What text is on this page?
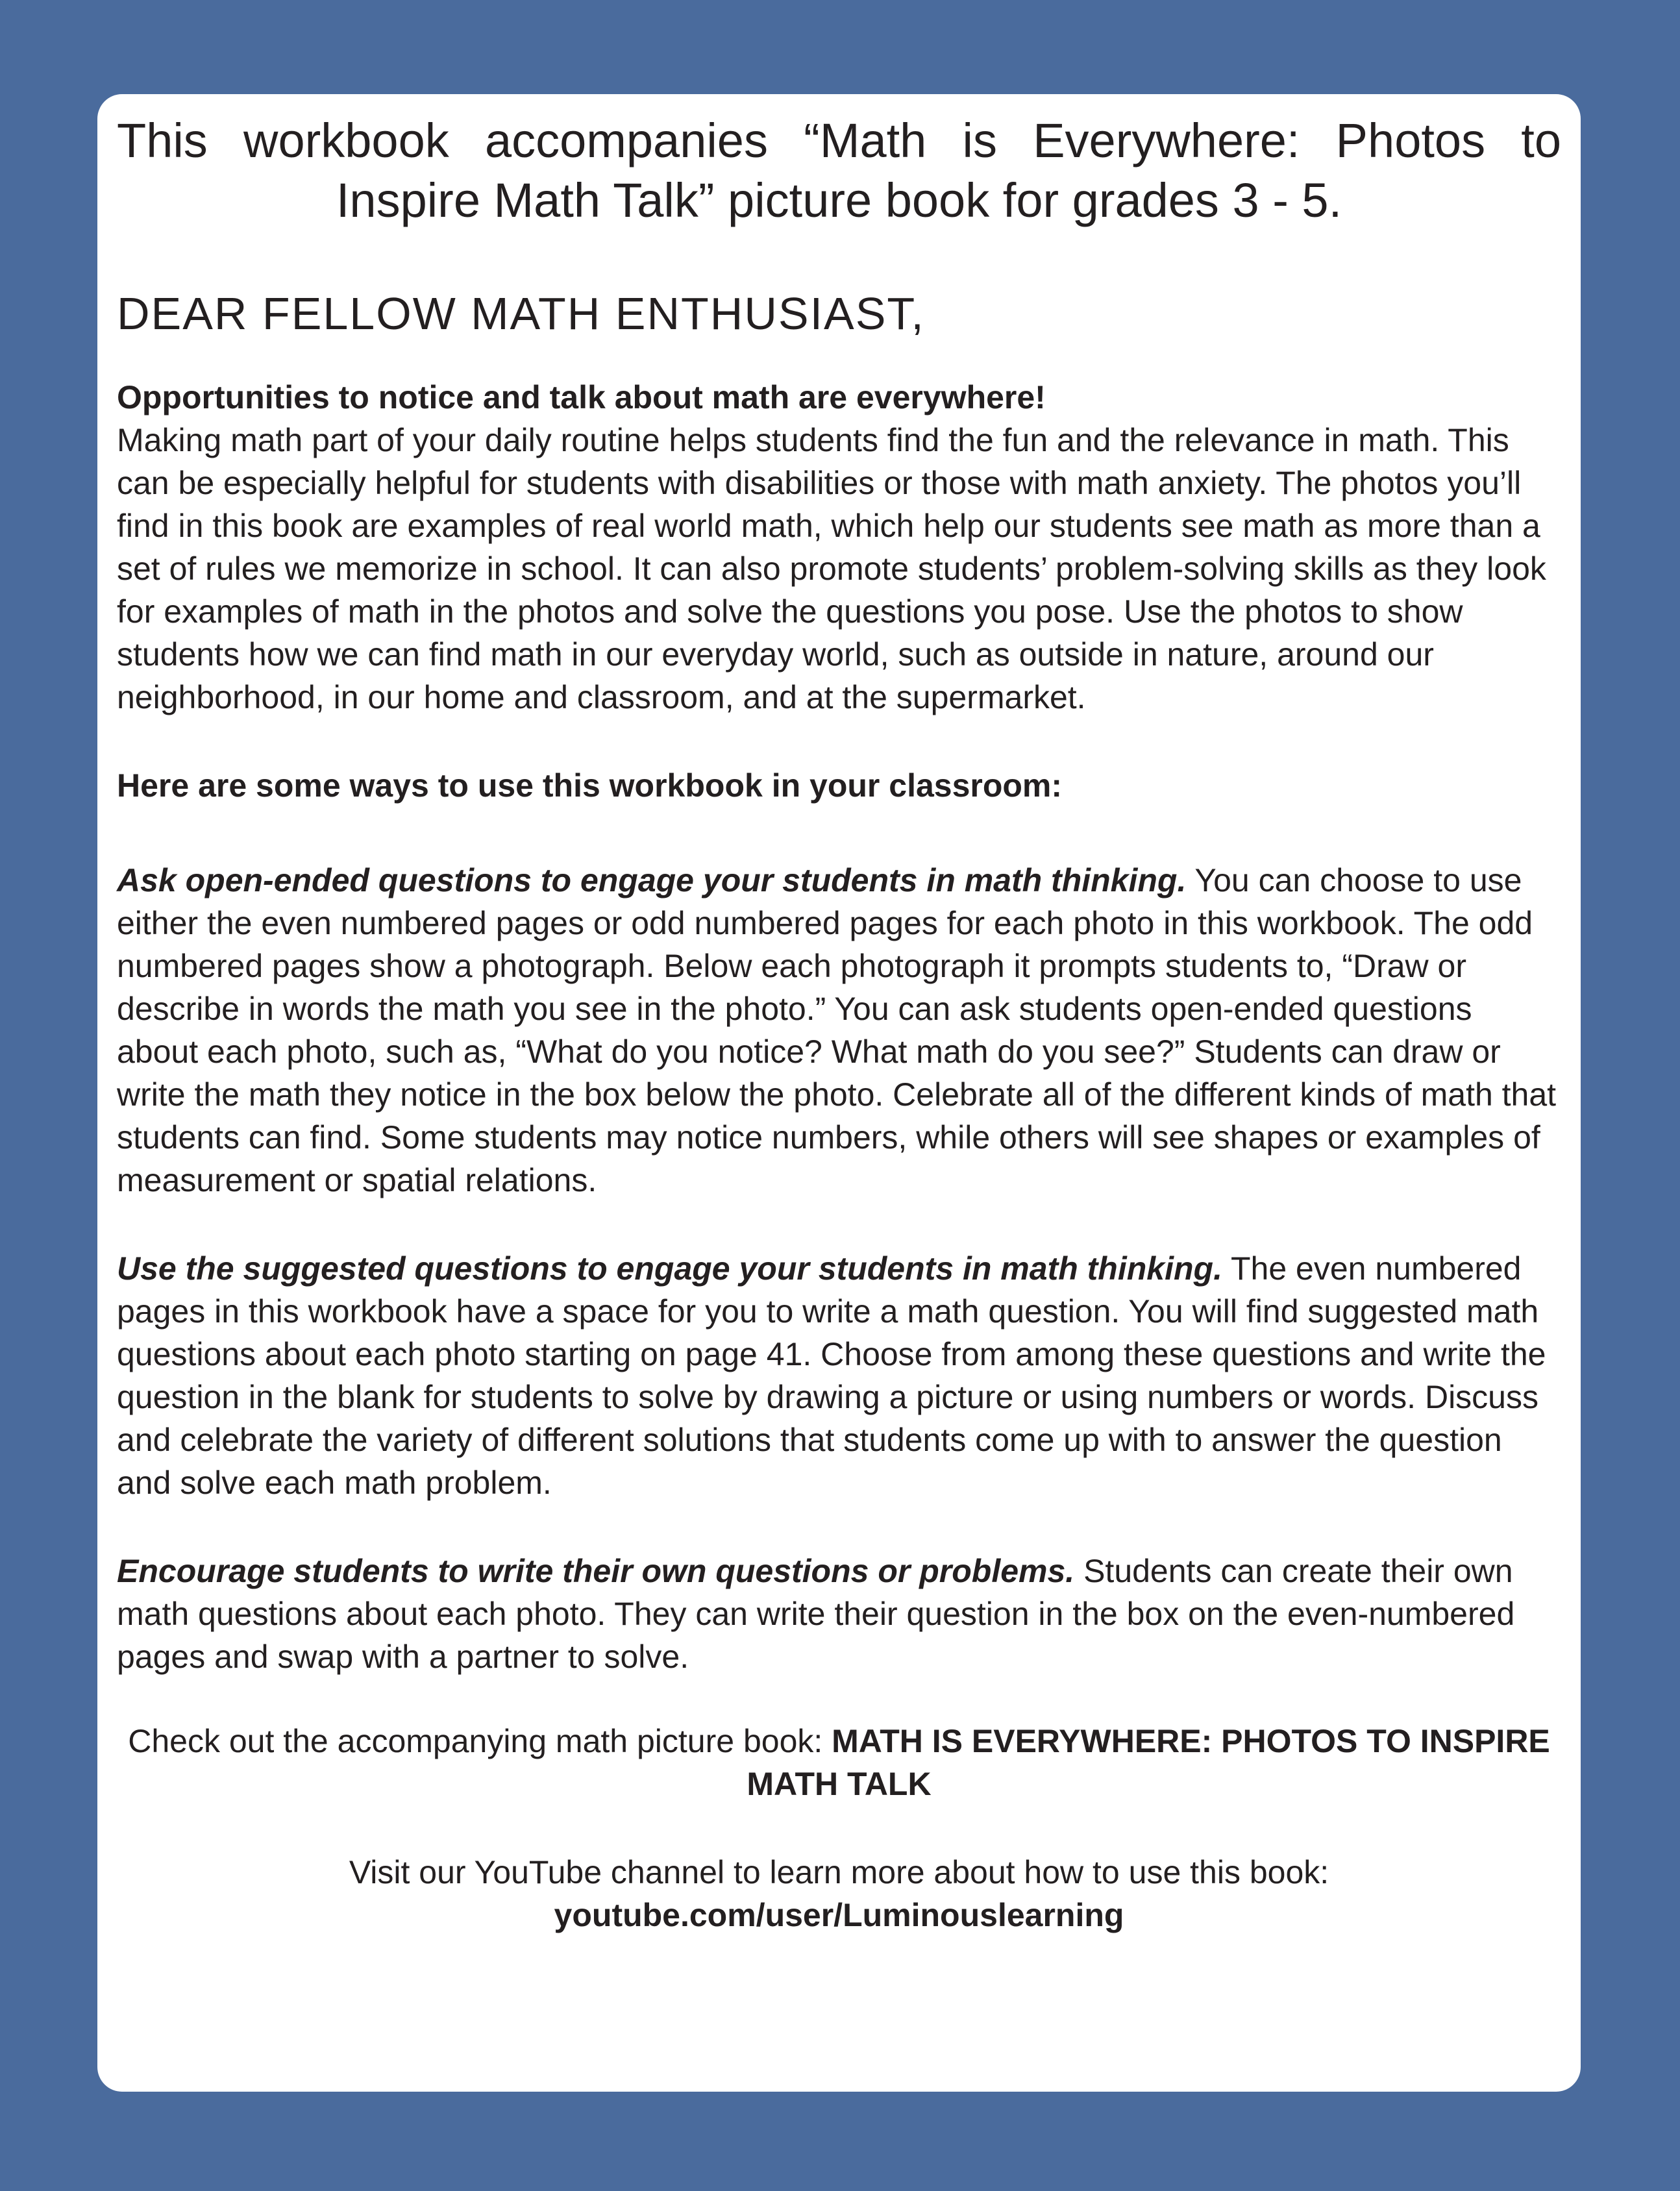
This workbook accompanies “Math is Everywhere: Photos to Inspire Math Talk” picture book for grades 3 - 5.

DEAR FELLOW MATH ENTHUSIAST,

Opportunities to notice and talk about math are everywhere!

Making math part of your daily routine helps students find the fun and the relevance in math. This can be especially helpful for students with disabilities or those with math anxiety. The photos you’ll find in this book are examples of real world math, which help our students see math as more than a set of rules we memorize in school. It can also promote students’ problem-solving skills as they look for examples of math in the photos and solve the questions you pose. Use the photos to show students how we can find math in our everyday world, such as outside in nature, around our neighborhood, in our home and classroom, and at the supermarket.

Here are some ways to use this workbook in your classroom:

Ask open-ended questions to engage your students in math thinking. You can choose to use either the even numbered pages or odd numbered pages for each photo in this workbook. The odd numbered pages show a photograph. Below each photograph it prompts students to, “Draw or describe in words the math you see in the photo.” You can ask students open-ended questions about each photo, such as, “What do you notice? What math do you see?” Students can draw or write the math they notice in the box below the photo. Celebrate all of the different kinds of math that students can find. Some students may notice numbers, while others will see shapes or examples of measurement or spatial relations.

Use the suggested questions to engage your students in math thinking. The even numbered pages in this workbook have a space for you to write a math question. You will find suggested math questions about each photo starting on page 41. Choose from among these questions and write the question in the blank for students to solve by drawing a picture or using numbers or words. Discuss and celebrate the variety of different solutions that students come up with to answer the question and solve each math problem.

Encourage students to write their own questions or problems. Students can create their own math questions about each photo. They can write their question in the box on the even-numbered pages and swap with a partner to solve.

Check out the accompanying math picture book: MATH IS EVERYWHERE: PHOTOS TO INSPIRE MATH TALK

Visit our YouTube channel to learn more about how to use this book:
youtube.com/user/Luminouslearning
